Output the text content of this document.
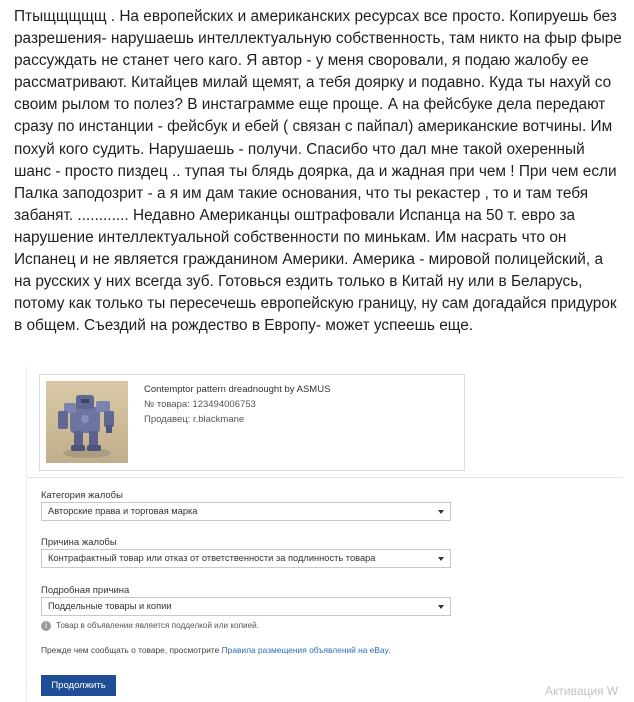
Птыщщщщщ . На европейских и американских ресурсах все просто. Копируешь без разрешения- нарушаешь интеллектуальную собственность, там никто на фыр фыре рассуждать не станет чего каго. Я автор - у меня своровали, я подаю жалобу ее рассматривают. Китайцев милай щемят, а тебя доярку и подавно. Куда ты нахуй со своим рылом то полез? В инстаграмме еще проще. А на фейсбуке дела передают сразу по инстанции - фейсбук и ебей ( связан с пайпал) американские вотчины. Им похуй кого судить. Нарушаешь - получи. Спасибо что дал мне такой охеренный шанс - просто пиздец .. тупая ты блядь доярка, да и жадная при чем ! При чем если Палка заподозрит - а я им дам такие основания, что ты рекастер , то и там тебя забанят. ............ Недавно Американцы оштрафовали Испанца на 50 т. евро за нарушение интеллектуальной собственности по минькам. Им насрать что он Испанец и не является гражданином Америки. Америка - мировой полицейский, а на русских у них всегда зуб. Готовься ездить только в Китай ну или в Беларусь, потому как только ты пересечешь европейскую границу, ну сам догадайся придурок в общем. Съездий на рождество в Европу- может успеешь еще.
Contemptor pattern dreadnought by ASMUS
№ товара: 123494006753
Продавец: r.blackmane
Категория жалобы
Авторские права и торговая марка
Причина жалобы
Контрафактный товар или отказ от ответственности за подлинность товара
Подробная причина
Поддельные товары и копии
i	Товар в объявлении является подделкой или копией.
Прежде чем сообщать о товаре, просмотрите Правила размещения объявлений на eBay.
Продолжить	Активация W
